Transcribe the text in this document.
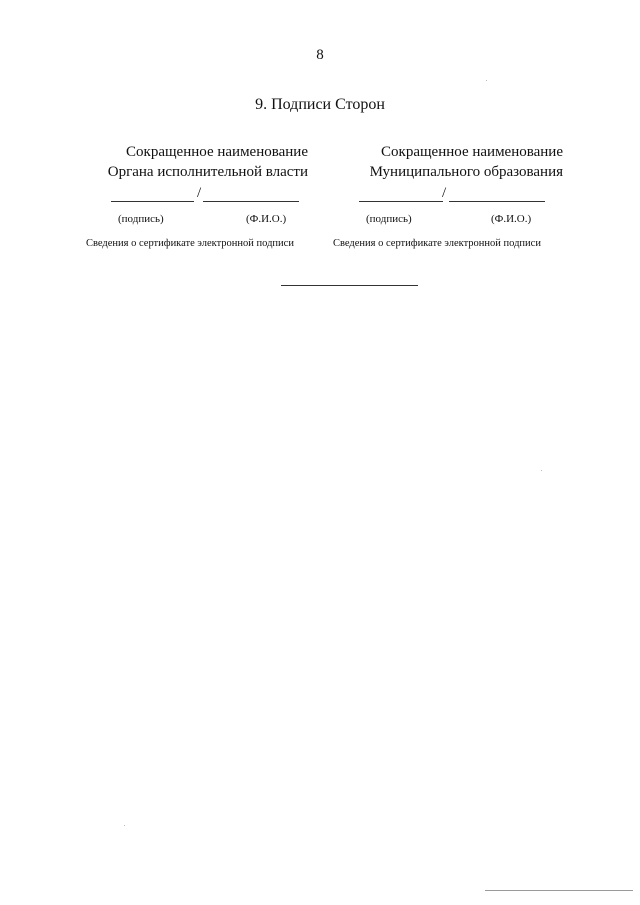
8
9. Подписи Сторон
Сокращенное наименование
Органа исполнительной власти
/
(подпись)	(Ф.И.О.)
Сведения о сертификате электронной подписи
Сокращенное наименование
Муниципального образования
/
(подпись)	(Ф.И.О.)
Сведения о сертификате электронной подписи
